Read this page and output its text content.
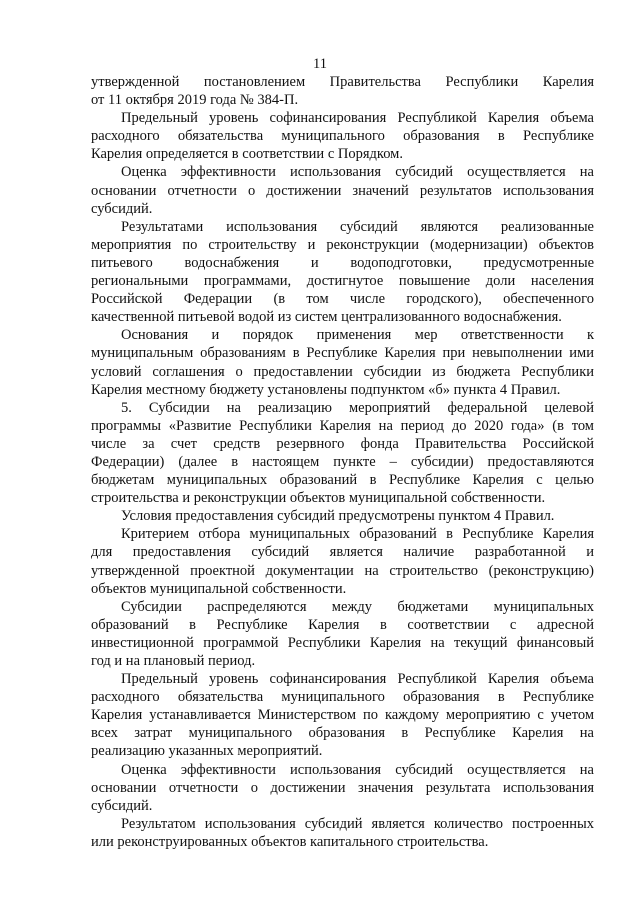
11
утвержденной постановлением Правительства Республики Карелия
от 11 октября 2019 года № 384-П.
Предельный уровень софинансирования Республикой Карелия объема
расходного обязательства муниципального образования в Республике
Карелия определяется в соответствии с Порядком.
Оценка эффективности использования субсидий осуществляется на
основании отчетности о достижении значений результатов использования
субсидий.
Результатами использования субсидий являются реализованные
мероприятия по строительству и реконструкции (модернизации) объектов
питьевого водоснабжения и водоподготовки, предусмотренные
региональными программами, достигнутое повышение доли населения
Российской Федерации (в том числе городского), обеспеченного
качественной питьевой водой из систем централизованного водоснабжения.
Основания и порядок применения мер ответственности к
муниципальным образованиям в Республике Карелия при невыполнении ими
условий соглашения о предоставлении субсидии из бюджета Республики
Карелия местному бюджету установлены подпунктом «б» пункта 4 Правил.
5. Субсидии на реализацию мероприятий федеральной целевой
программы «Развитие Республики Карелия на период до 2020 года» (в том
числе за счет средств резервного фонда Правительства Российской
Федерации) (далее в настоящем пункте – субсидии) предоставляются
бюджетам муниципальных образований в Республике Карелия с целью
строительства и реконструкции объектов муниципальной собственности.
Условия предоставления субсидий предусмотрены пунктом 4 Правил.
Критерием отбора муниципальных образований в Республике Карелия
для предоставления субсидий является наличие разработанной и
утвержденной проектной документации на строительство (реконструкцию)
объектов муниципальной собственности.
Субсидии распределяются между бюджетами муниципальных
образований в Республике Карелия в соответствии с адресной
инвестиционной программой Республики Карелия на текущий финансовый
год и на плановый период.
Предельный уровень софинансирования Республикой Карелия объема
расходного обязательства муниципального образования в Республике
Карелия устанавливается Министерством по каждому мероприятию с учетом
всех затрат муниципального образования в Республике Карелия на
реализацию указанных мероприятий.
Оценка эффективности использования субсидий осуществляется на
основании отчетности о достижении значения результата использования
субсидий.
Результатом использования субсидий является количество построенных
или реконструированных объектов капитального строительства.
